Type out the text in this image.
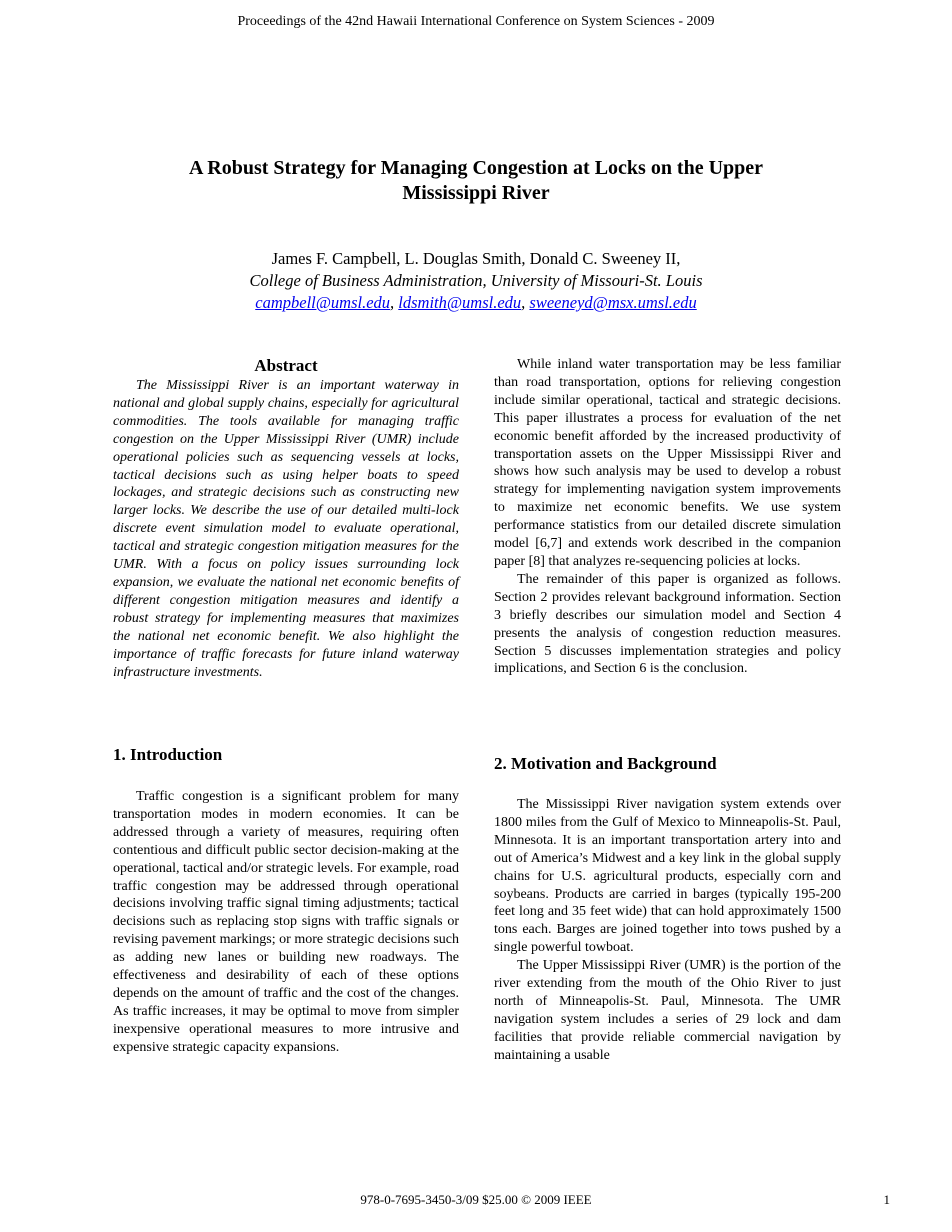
Proceedings of the 42nd Hawaii International Conference on System Sciences - 2009
A Robust Strategy for Managing Congestion at Locks on the Upper
Mississippi River
James F. Campbell, L. Douglas Smith, Donald C. Sweeney II,
College of Business Administration, University of Missouri-St. Louis
campbell@umsl.edu, ldsmith@umsl.edu, sweeneyd@msx.umsl.edu
Abstract

The Mississippi River is an important waterway in national and global supply chains, especially for agricultural commodities. The tools available for managing traffic congestion on the Upper Mississippi River (UMR) include operational policies such as sequencing vessels at locks, tactical decisions such as using helper boats to speed lockages, and strategic decisions such as constructing new larger locks. We describe the use of our detailed multi-lock discrete event simulation model to evaluate operational, tactical and strategic congestion mitigation measures for the UMR. With a focus on policy issues surrounding lock expansion, we evaluate the national net economic benefits of different congestion mitigation measures and identify a robust strategy for implementing measures that maximizes the national net economic benefit. We also highlight the importance of traffic forecasts for future inland waterway infrastructure investments.

1. Introduction

Traffic congestion is a significant problem for many transportation modes in modern economies. It can be addressed through a variety of measures, requiring often contentious and difficult public sector decision-making at the operational, tactical and/or strategic levels. For example, road traffic congestion may be addressed through operational decisions involving traffic signal timing adjustments; tactical decisions such as replacing stop signs with traffic signals or revising pavement markings; or more strategic decisions such as adding new lanes or building new roadways. The effectiveness and desirability of each of these options depends on the amount of traffic and the cost of the changes. As traffic increases, it may be optimal to move from simpler inexpensive operational measures to more intrusive and expensive strategic capacity expansions.

While inland water transportation may be less familiar than road transportation, options for relieving congestion include similar operational, tactical and strategic decisions. This paper illustrates a process for evaluation of the net economic benefit afforded by the increased productivity of transportation assets on the Upper Mississippi River and shows how such analysis may be used to develop a robust strategy for implementing navigation system improvements to maximize net economic benefits. We use system performance statistics from our detailed discrete simulation model [6,7] and extends work described in the companion paper [8] that analyzes re-sequencing policies at locks.

The remainder of this paper is organized as follows. Section 2 provides relevant background information. Section 3 briefly describes our simulation model and Section 4 presents the analysis of congestion reduction measures. Section 5 discusses implementation strategies and policy implications, and Section 6 is the conclusion.

2. Motivation and Background

The Mississippi River navigation system extends over 1800 miles from the Gulf of Mexico to Minneapolis-St. Paul, Minnesota. It is an important transportation artery into and out of America’s Midwest and a key link in the global supply chains for U.S. agricultural products, especially corn and soybeans. Products are carried in barges (typically 195-200 feet long and 35 feet wide) that can hold approximately 1500 tons each. Barges are joined together into tows pushed by a single powerful towboat.

The Upper Mississippi River (UMR) is the portion of the river extending from the mouth of the Ohio River to just north of Minneapolis-St. Paul, Minnesota. The UMR navigation system includes a series of 29 lock and dam facilities that provide reliable commercial navigation by maintaining a usable

978-0-7695-3450-3/09 $25.00 © 2009 IEEE	1
